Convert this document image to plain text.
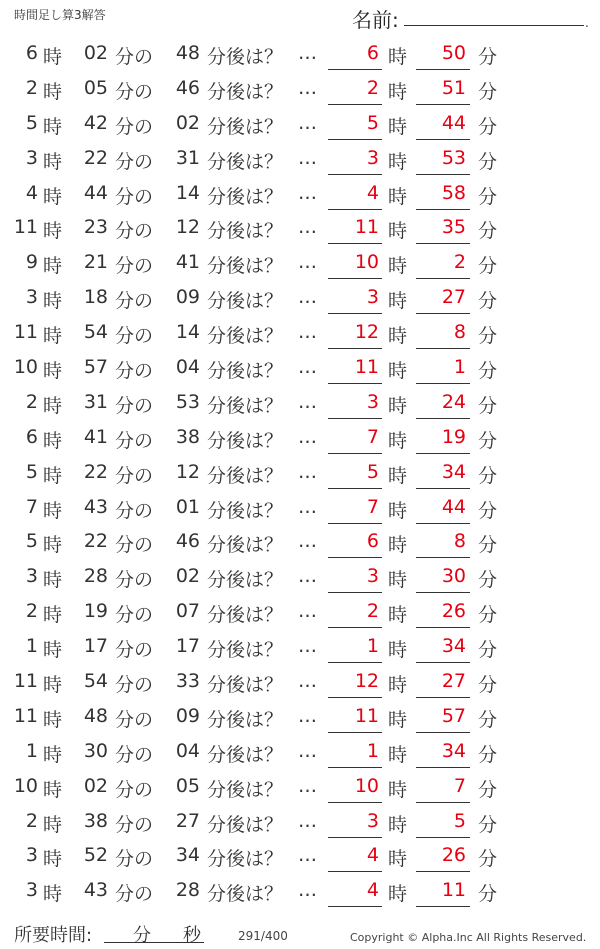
時間足し算3解答	名前:	.
6 時	02 分の	48 分後は？ …	6 時	50 分
2 時	05 分の	46 分後は？ …	2 時	51 分
5 時	42 分の	02 分後は？ …	5 時	44 分
3 時	22 分の	31 分後は？ …	3 時	53 分
4 時	44 分の	14 分後は？ …	4 時	58 分
11 時	23 分の	12 分後は？ …	11 時	35 分
9 時	21 分の	41 分後は？ …	10 時	2 分
3 時	18 分の	09 分後は？ …	3 時	27 分
11 時	54 分の	14 分後は？ …	12 時	8 分
10 時	57 分の	04 分後は？ …	11 時	1 分
2 時	31 分の	53 分後は？ …	3 時	24 分
6 時	41 分の	38 分後は？ …	7 時	19 分
5 時	22 分の	12 分後は？ …	5 時	34 分
7 時	43 分の	01 分後は？ …	7 時	44 分
5 時	22 分の	46 分後は？ …	6 時	8 分
3 時	28 分の	02 分後は？ …	3 時	30 分
2 時	19 分の	07 分後は？ …	2 時	26 分
1 時	17 分の	17 分後は？ …	1 時	34 分
11 時	54 分の	33 分後は？ …	12 時	27 分
11 時	48 分の	09 分後は？ …	11 時	57 分
1 時	30 分の	04 分後は？ …	1 時	34 分
10 時	02 分の	05 分後は？ …	10 時	7 分
2 時	38 分の	27 分後は？ …	3 時	5 分
3 時	52 分の	34 分後は？ …	4 時	26 分
3 時	43 分の	28 分後は？ …	4 時	11 分
所要時間: 分 秒	291/400	Copyright © Alpha.Inc All Rights Reserved.
